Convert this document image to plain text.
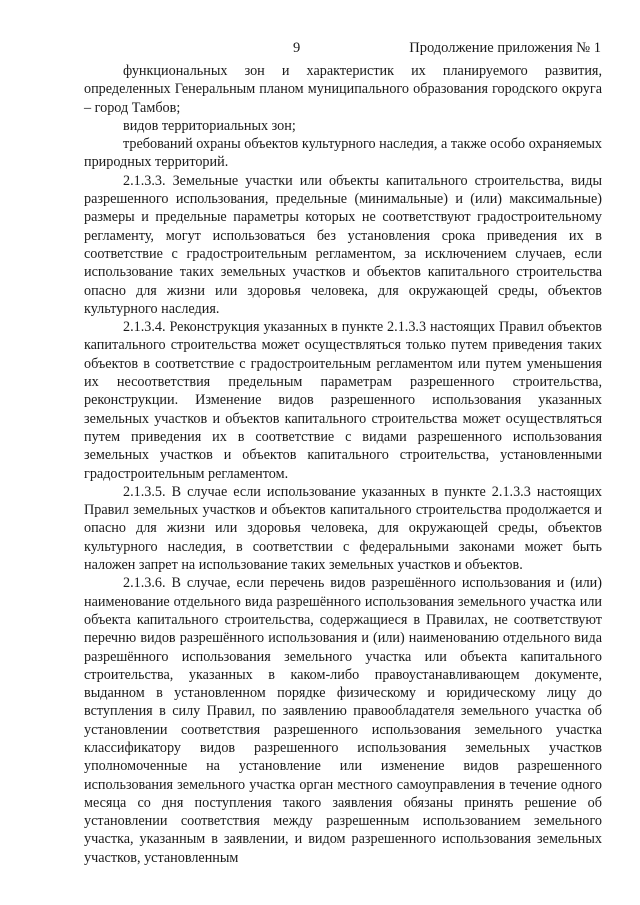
9	Продолжение приложения № 1

функциональных зон и характеристик их планируемого развития, определенных Генеральным планом муниципального образования городского округа – город Тамбов;

видов территориальных зон;

требований охраны объектов культурного наследия, а также особо охраняемых природных территорий.

2.1.3.3. Земельные участки или объекты капитального строительства, виды разрешенного использования, предельные (минимальные) и (или) максимальные) размеры и предельные параметры которых не соответствуют градостроительному регламенту, могут использоваться без установления срока приведения их в соответствие с градостроительным регламентом, за исключением случаев, если использование таких земельных участков и объектов капитального строительства опасно для жизни или здоровья человека, для окружающей среды, объектов культурного наследия.

2.1.3.4. Реконструкция указанных в пункте 2.1.3.3 настоящих Правил объектов капитального строительства может осуществляться только путем приведения таких объектов в соответствие с градостроительным регламентом или путем уменьшения их несоответствия предельным параметрам разрешенного строительства, реконструкции. Изменение видов разрешенного использования указанных земельных участков и объектов капитального строительства может осуществляться путем приведения их в соответствие с видами разрешенного использования земельных участков и объектов капитального строительства, установленными градостроительным регламентом.

2.1.3.5. В случае если использование указанных в пункте 2.1.3.3 настоящих Правил земельных участков и объектов капитального строительства продолжается и опасно для жизни или здоровья человека, для окружающей среды, объектов культурного наследия, в соответствии с федеральными законами может быть наложен запрет на использование таких земельных участков и объектов.

2.1.3.6. В случае, если перечень видов разрешённого использования и (или) наименование отдельного вида разрешённого использования земельного участка или объекта капитального строительства, содержащиеся в Правилах, не соответствуют перечню видов разрешённого использования и (или) наименованию отдельного вида разрешённого использования земельного участка или объекта капитального строительства, указанных в каком-либо правоустанавливающем документе, выданном в установленном порядке физическому и юридическому лицу до вступления в силу Правил, по заявлению правообладателя земельного участка об установлении соответствия разрешенного использования земельного участка классификатору видов разрешенного использования земельных участков уполномоченные на установление или изменение видов разрешенного использования земельного участка орган местного самоуправления в течение одного месяца со дня поступления такого заявления обязаны принять решение об установлении соответствия между разрешенным использованием земельного участка, указанным в заявлении, и видом разрешенного использования земельных участков, установленным
